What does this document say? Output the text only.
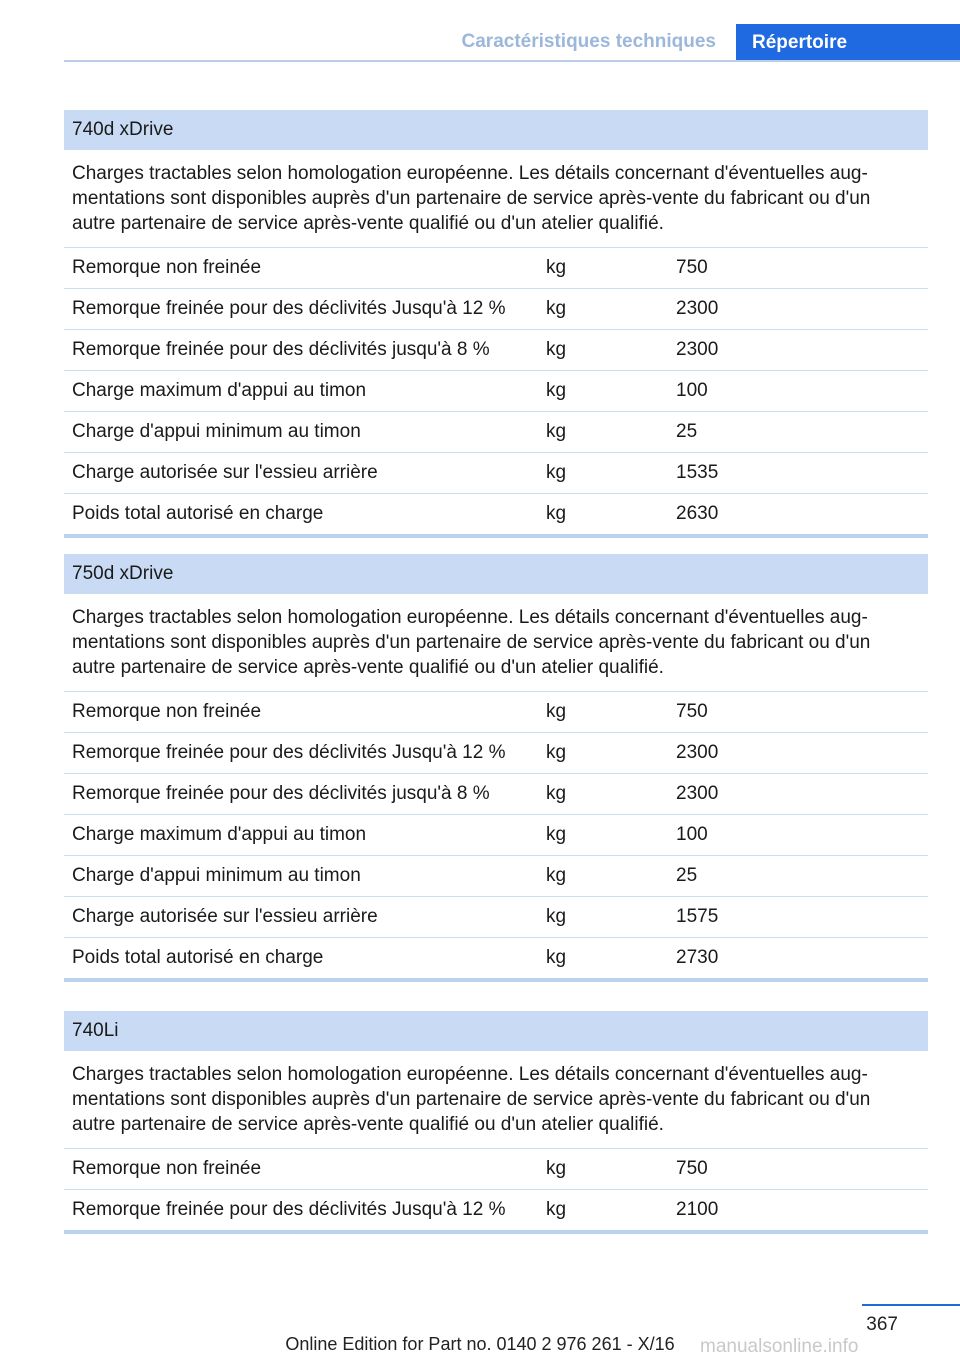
Caractéristiques techniques	Répertoire
740d xDrive
Charges tractables selon homologation européenne. Les détails concernant d'éventuelles aug-mentations sont disponibles auprès d'un partenaire de service après-vente du fabricant ou d'un autre partenaire de service après-vente qualifié ou d'un atelier qualifié.
Remorque non freinée	kg	750
Remorque freinée pour des déclivités Jusqu'à 12 %	kg	2300
Remorque freinée pour des déclivités jusqu'à 8 %	kg	2300
Charge maximum d'appui au timon	kg	100
Charge d'appui minimum au timon	kg	25
Charge autorisée sur l'essieu arrière	kg	1535
Poids total autorisé en charge	kg	2630
750d xDrive
Charges tractables selon homologation européenne. Les détails concernant d'éventuelles aug-mentations sont disponibles auprès d'un partenaire de service après-vente du fabricant ou d'un autre partenaire de service après-vente qualifié ou d'un atelier qualifié.
Remorque non freinée	kg	750
Remorque freinée pour des déclivités Jusqu'à 12 %	kg	2300
Remorque freinée pour des déclivités jusqu'à 8 %	kg	2300
Charge maximum d'appui au timon	kg	100
Charge d'appui minimum au timon	kg	25
Charge autorisée sur l'essieu arrière	kg	1575
Poids total autorisé en charge	kg	2730
740Li
Charges tractables selon homologation européenne. Les détails concernant d'éventuelles aug-mentations sont disponibles auprès d'un partenaire de service après-vente du fabricant ou d'un autre partenaire de service après-vente qualifié ou d'un atelier qualifié.
Remorque non freinée	kg	750
Remorque freinée pour des déclivités Jusqu'à 12 %	kg	2100
367
Online Edition for Part no. 0140 2 976 261 - X/16	manualsonline.info
